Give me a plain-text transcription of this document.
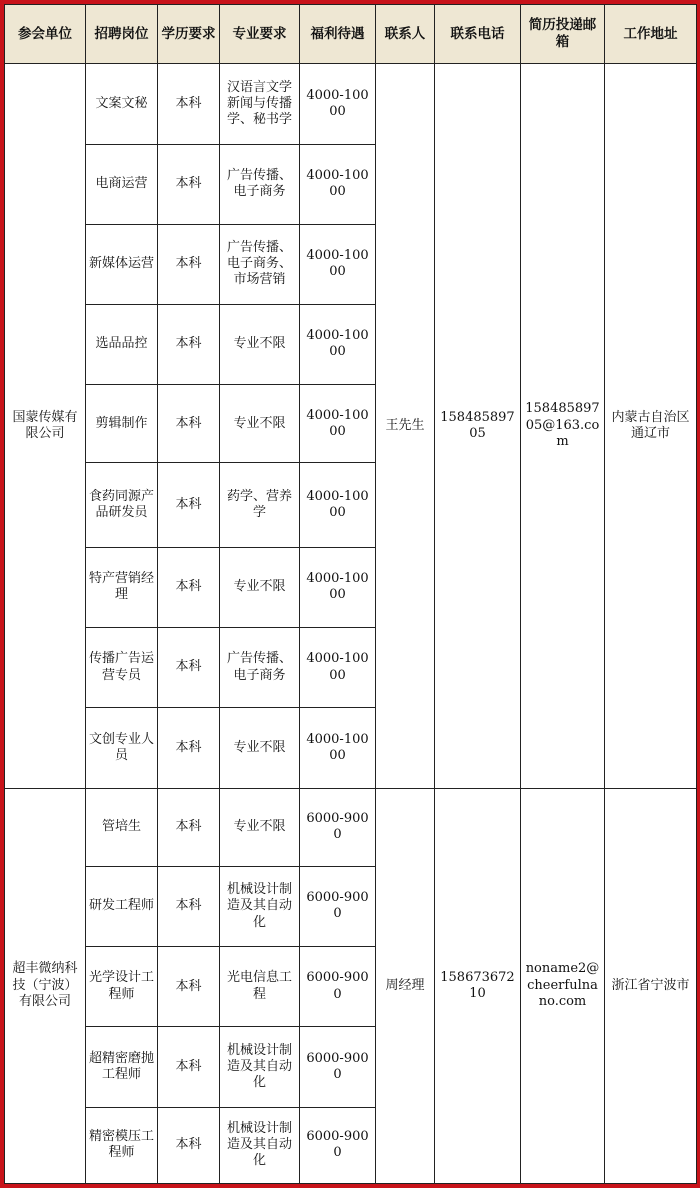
参会单位	招聘岗位	学历要求	专业要求	福利待遇	联系人	联系电话	简历投递邮箱	工作地址
国蒙传媒有限公司	文案文秘	本科	汉语言文学新闻与传播学、秘书学	4000-10000	王先生	15848589705	15848589705@163.com	内蒙古自治区通辽市
	电商运营	本科	广告传播、电子商务	4000-10000				
	新媒体运营	本科	广告传播、电子商务、市场营销	4000-10000				
	选品品控	本科	专业不限	4000-10000				
	剪辑制作	本科	专业不限	4000-10000				
	食药同源产品研发员	本科	药学、营养学	4000-10000				
	特产营销经理	本科	专业不限	4000-10000				
	传播广告运营专员	本科	广告传播、电子商务	4000-10000				
	文创专业人员	本科	专业不限	4000-10000				
超丰微纳科技（宁波）有限公司	管培生	本科	专业不限	6000-9000	周经理	15867367210	noname2@cheerfulnano.com	浙江省宁波市
	研发工程师	本科	机械设计制造及其自动化	6000-9000				
	光学设计工程师	本科	光电信息工程	6000-9000				
	超精密磨抛工程师	本科	机械设计制造及其自动化	6000-9000				
	精密模压工程师	本科	机械设计制造及其自动化	6000-9000				
